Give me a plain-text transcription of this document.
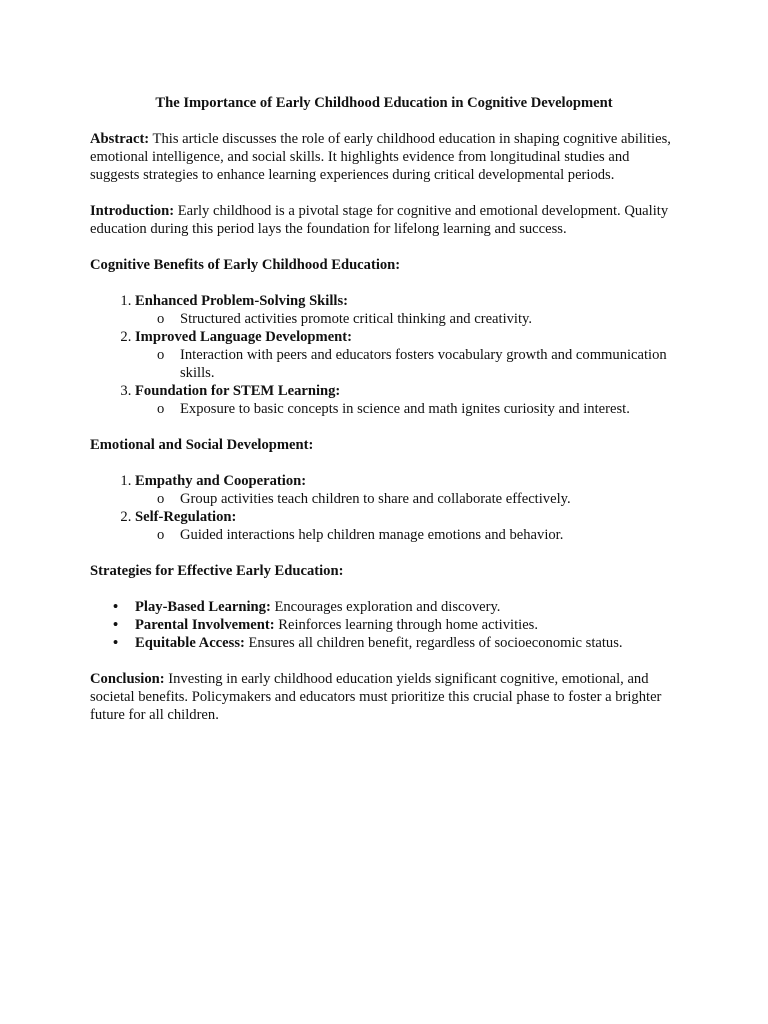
The Importance of Early Childhood Education in Cognitive Development

Abstract: This article discusses the role of early childhood education in shaping cognitive abilities, emotional intelligence, and social skills. It highlights evidence from longitudinal studies and suggests strategies to enhance learning experiences during critical developmental periods.

Introduction: Early childhood is a pivotal stage for cognitive and emotional development. Quality education during this period lays the foundation for lifelong learning and success.

Cognitive Benefits of Early Childhood Education:
1. Enhanced Problem-Solving Skills:
o Structured activities promote critical thinking and creativity.
2. Improved Language Development:
o Interaction with peers and educators fosters vocabulary growth and communication skills.
3. Foundation for STEM Learning:
o Exposure to basic concepts in science and math ignites curiosity and interest.
Emotional and Social Development:
1. Empathy and Cooperation:
o Group activities teach children to share and collaborate effectively.
2. Self-Regulation:
o Guided interactions help children manage emotions and behavior.
Strategies for Effective Early Education:
• Play-Based Learning: Encourages exploration and discovery.
• Parental Involvement: Reinforces learning through home activities.
• Equitable Access: Ensures all children benefit, regardless of socioeconomic status.

Conclusion: Investing in early childhood education yields significant cognitive, emotional, and societal benefits. Policymakers and educators must prioritize this crucial phase to foster a brighter future for all children.
